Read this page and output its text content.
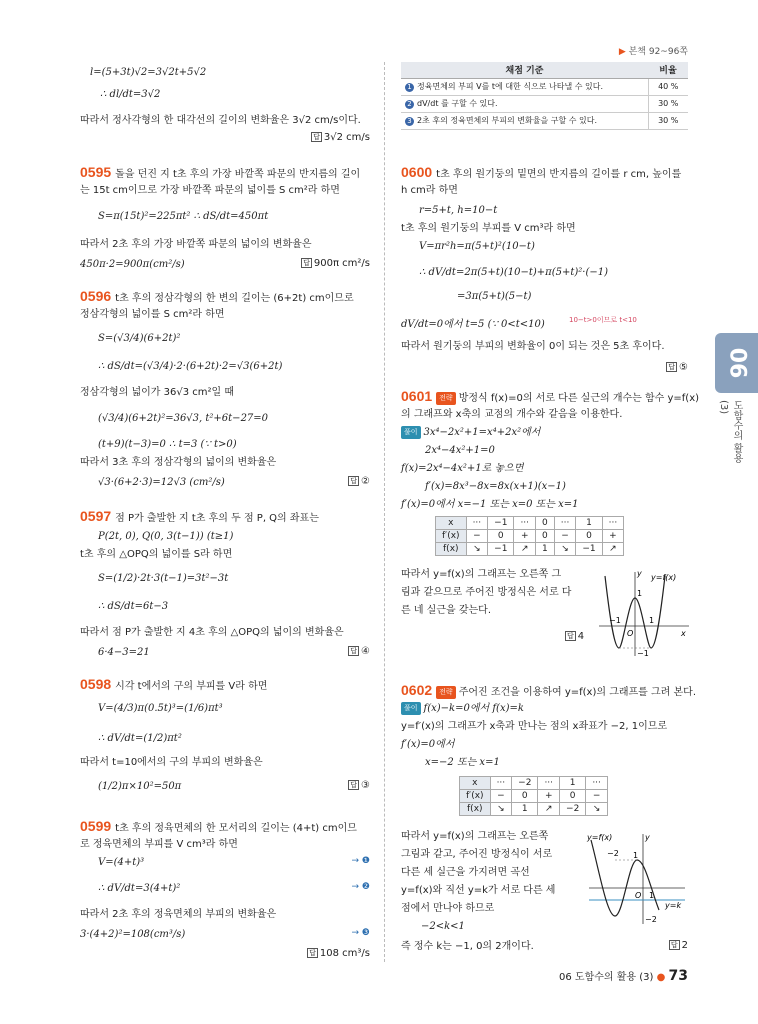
▶ 본책 92~96쪽
l=(5+3t)√2=3√2t+5√2
∴ dl/dt=3√2
따라서 정사각형의 한 대각선의 길이의 변화율은 3√2 cm/s이다.
답 3√2 cm/s
0595 돌을 던진 지 t초 후의 가장 바깥쪽 파문의 반지름의 길이
는 15t cm이므로 가장 바깥쪽 파문의 넓이를 S cm²라 하면
S=π(15t)²=225πt² ∴ dS/dt=450πt
따라서 2초 후의 가장 바깥쪽 파문의 넓이의 변화율은
450π·2=900π(cm²/s)	답 900π cm²/s
0596 t초 후의 정삼각형의 한 변의 길이는 (6+2t) cm이므로
정삼각형의 넓이를 S cm²라 하면
S=(√3/4)(6+2t)²
∴ dS/dt=(√3/4)·2·(6+2t)·2=√3(6+2t)
정삼각형의 넓이가 36√3 cm²일 때
(√3/4)(6+2t)²=36√3, t²+6t−27=0
(t+9)(t−3)=0 ∴ t=3 (∵ t>0)
따라서 3초 후의 정삼각형의 넓이의 변화율은
√3·(6+2·3)=12√3 (cm²/s)	답 ②
0597 점 P가 출발한 지 t초 후의 두 점 P, Q의 좌표는
P(2t, 0), Q(0, 3(t−1)) (t≥1)
t초 후의 △OPQ의 넓이를 S라 하면
S=(1/2)·2t·3(t−1)=3t²−3t
∴ dS/dt=6t−3
따라서 점 P가 출발한 지 4초 후의 △OPQ의 넓이의 변화율은
6·4−3=21	답 ④
0598 시각 t에서의 구의 부피를 V라 하면
V=(4/3)π(0.5t)³=(1/6)πt³
∴ dV/dt=(1/2)πt²
따라서 t=10에서의 구의 부피의 변화율은
(1/2)π×10²=50π	답 ③
0599 t초 후의 정육면체의 한 모서리의 길이는 (4+t) cm이므
로 정육면체의 부피를 V cm³라 하면
V=(4+t)³	→ ❶
∴ dV/dt=3(4+t)²	→ ❷
따라서 2초 후의 정육면체의 부피의 변화율은
3·(4+2)²=108(cm³/s)	→ ❸
답 108 cm³/s
채점 기준	비율
1 정육면체의 부피 V를 t에 대한 식으로 나타낼 수 있다.	40 %
2 dV/dt 를 구할 수 있다.	30 %
3 2초 후의 정육면체의 부피의 변화율을 구할 수 있다.	30 %
0600 t초 후의 원기둥의 밑면의 반지름의 길이를 r cm, 높이를
h cm라 하면
r=5+t, h=10−t
t초 후의 원기둥의 부피를 V cm³라 하면
V=πr²h=π(5+t)²(10−t)
∴ dV/dt=2π(5+t)(10−t)+π(5+t)²·(−1)
=3π(5+t)(5−t)
dV/dt=0에서 t=5 (∵ 0<t<10)	10−t>0이므로 t<10
따라서 원기둥의 부피의 변화율이 0이 되는 것은 5초 후이다.
답 ⑤
0601 전략 방정식 f(x)=0의 서로 다른 실근의 개수는 함수 y=f(x)
의 그래프와 x축의 교점의 개수와 같음을 이용한다.
풀이 3x⁴−2x²+1=x⁴+2x²에서
2x⁴−4x²+1=0
f(x)=2x⁴−4x²+1로 놓으면
f′(x)=8x³−8x=8x(x+1)(x−1)
f′(x)=0에서 x=−1 또는 x=0 또는 x=1
x	···	−1	···	0	···	1	···
f′(x)	−	0	+	0	−	0	+
f(x)	↘	−1	↗	1	↘	−1	↗
따라서 y=f(x)의 그래프는 오른쪽 그
림과 같으므로 주어진 방정식은 서로 다
른 네 실근을 갖는다.
답 4
y y=f(x)
1
−1
O
1
x
−1
0602 전략 주어진 조건을 이용하여 y=f(x)의 그래프를 그려 본다.
풀이 f(x)−k=0에서 f(x)=k
y=f′(x)의 그래프가 x축과 만나는 점의 x좌표가 −2, 1이므로
f′(x)=0에서
x=−2 또는 x=1
x	···	−2	···	1	···
f′(x)	−	0	+	0	−
f(x)	↘	1	↗	−2	↘
따라서 y=f(x)의 그래프는 오른쪽
그림과 같고, 주어진 방정식이 서로
다른 세 실근을 가지려면 곡선
y=f(x)와 직선 y=k가 서로 다른 세
점에서 만나야 하므로
−2<k<1
즉 정수 k는 −1, 0의 2개이다.	답 2
y=f(x)	y
−2 1
O 1
y=k
−2
06
도함수의 활용 (3)
06 도함수의 활용 (3) ● 73
